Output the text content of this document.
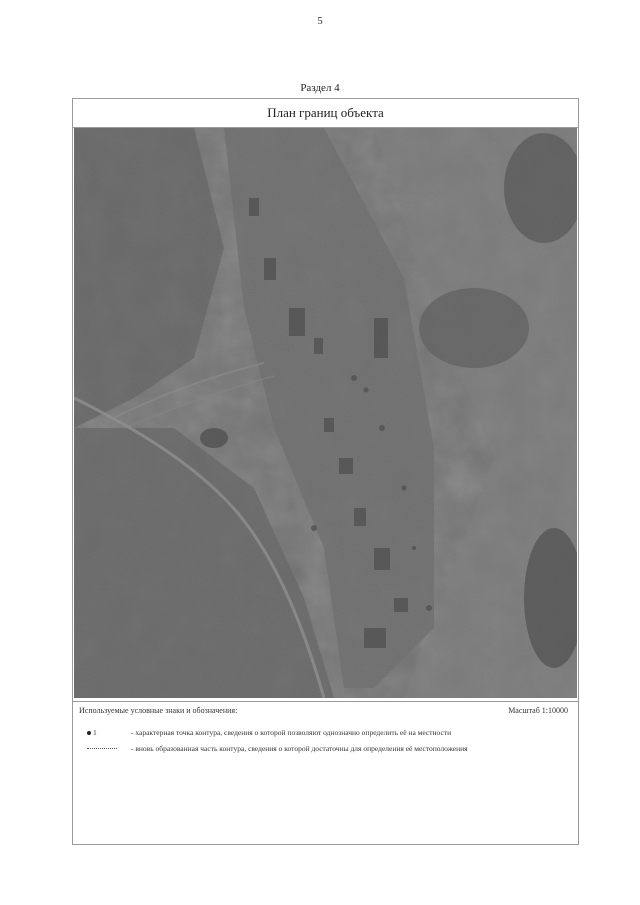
5
Раздел 4
План границ объекта
Используемые условные знаки и обозначения:	Масштаб 1:10000
1	- характерная точка контура, сведения о которой позволяют однозначно определить её на местности
- вновь образованная часть контура, сведения о которой достаточны для определения её местоположения
